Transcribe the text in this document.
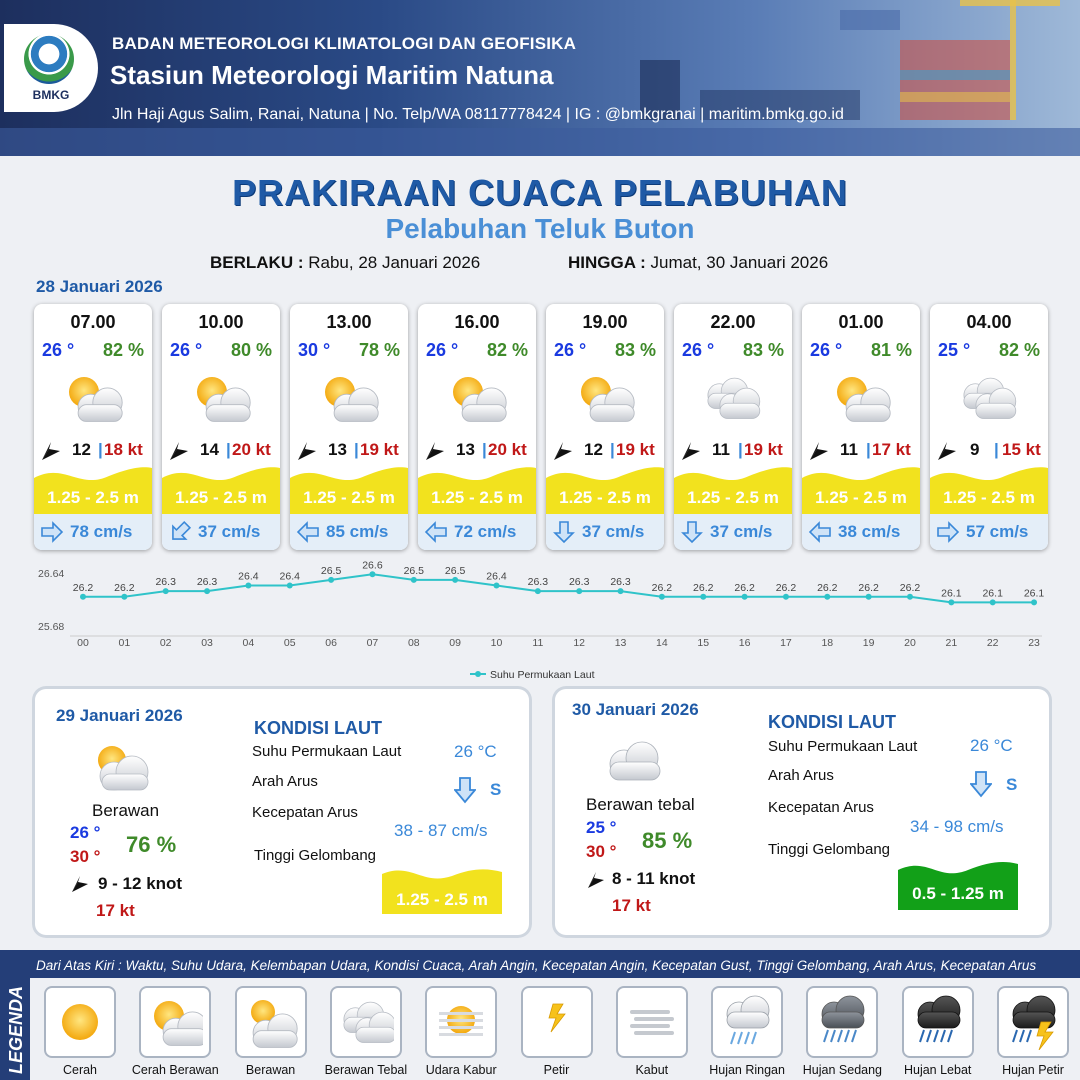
BMKG
BADAN METEOROLOGI KLIMATOLOGI DAN GEOFISIKA
Stasiun Meteorologi Maritim Natuna
Jln Haji Agus Salim, Ranai, Natuna | No. Telp/WA 08117778424 | IG : @bmkgranai | maritim.bmkg.go.id
PRAKIRAAN CUACA PELABUHAN
Pelabuhan Teluk Buton
BERLAKU : Rabu, 28 Januari 2026	HINGGA : Jumat, 30 Januari 2026
28 Januari 2026
07.00
26 ° 82 %
12 | 18 kt
1.25 - 2.5 m
78 cm/s
10.00
26 ° 80 %
14 | 20 kt
1.25 - 2.5 m
37 cm/s
13.00
30 ° 78 %
13 | 19 kt
1.25 - 2.5 m
85 cm/s
16.00
26 ° 82 %
13 | 20 kt
1.25 - 2.5 m
72 cm/s
19.00
26 ° 83 %
12 | 19 kt
1.25 - 2.5 m
37 cm/s
22.00
26 ° 83 %
11 | 19 kt
1.25 - 2.5 m
37 cm/s
01.00
26 ° 81 %
11 | 17 kt
1.25 - 2.5 m
38 cm/s
04.00
25 ° 82 %
9 | 15 kt
1.25 - 2.5 m
57 cm/s
26.64
25.68
26.2
00
26.2
01
26.3
02
26.3
03
26.4
04
26.4
05
26.5
06
26.6
07
26.5
08
26.5
09
26.4
10
26.3
11
26.3
12
26.3
13
26.2
14
26.2
15
26.2
16
26.2
17
26.2
18
26.2
19
26.2
20
26.1
21
26.1
22
26.1
23
Suhu Permukaan Laut
29 Januari 2026
Berawan
26 °
30 ° 76 %
9 - 12 knot
17 kt
KONDISI LAUT
Suhu Permukaan Laut	26 °C
Arah Arus	S
Kecepatan Arus
38 - 87 cm/s
Tinggi Gelombang
1.25 - 2.5 m
30 Januari 2026
Berawan tebal
25 °
30 ° 85 %
8 - 11 knot
17 kt
KONDISI LAUT
Suhu Permukaan Laut	26 °C
Arah Arus	S
Kecepatan Arus
34 - 98 cm/s
Tinggi Gelombang
0.5 - 1.25 m
LEGENDA
Dari Atas Kiri : Waktu, Suhu Udara, Kelembapan Udara, Kondisi Cuaca, Arah Angin, Kecepatan Angin, Kecepatan Gust, Tinggi Gelombang, Arah Arus, Kecepatan Arus
Cerah	Cerah Berawan	Berawan	Berawan Tebal	Udara Kabur	Petir	Kabut	Hujan Ringan	Hujan Sedang	Hujan Lebat	Hujan Petir
